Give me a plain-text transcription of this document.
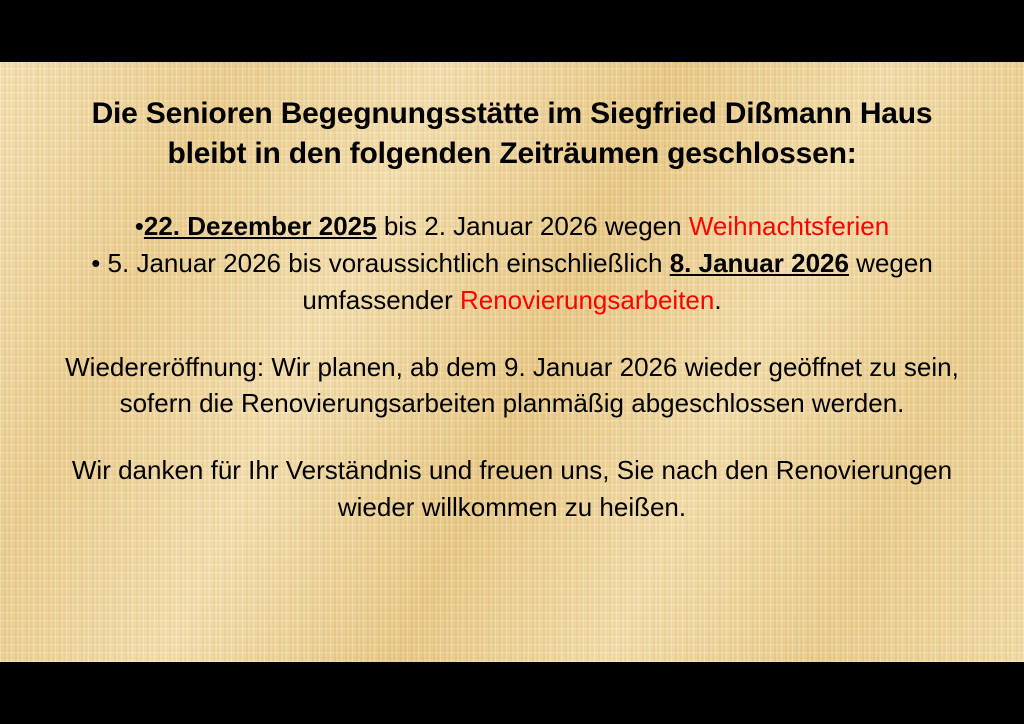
Die Senioren Begegnungsstätte im Siegfried Dißmann Haus bleibt in den folgenden Zeiträumen geschlossen:
•22. Dezember 2025 bis 2. Januar 2026 wegen Weihnachtsferien
• 5. Januar 2026 bis voraussichtlich einschließlich 8. Januar 2026 wegen umfassender Renovierungsarbeiten.

Wiedereröffnung: Wir planen, ab dem 9. Januar 2026 wieder geöffnet zu sein, sofern die Renovierungsarbeiten planmäßig abgeschlossen werden.

Wir danken für Ihr Verständnis und freuen uns, Sie nach den Renovierungen wieder willkommen zu heißen.
